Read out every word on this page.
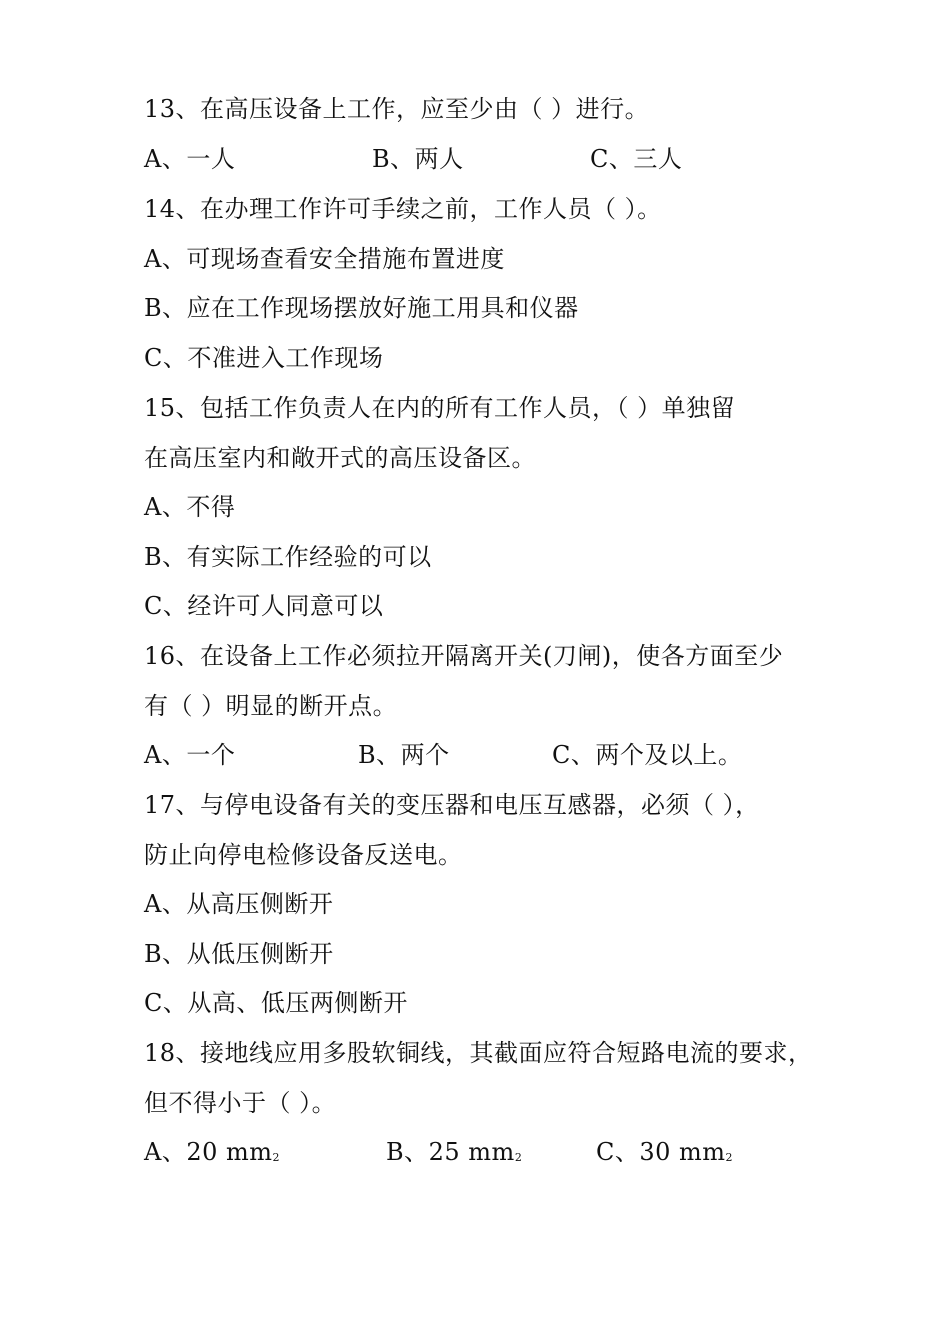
13、在高压设备上工作，应至少由（ ）进行。
A、一人	B、两人	C、三人
14、在办理工作许可手续之前，工作人员（ ）。
A、可现场查看安全措施布置进度
B、应在工作现场摆放好施工用具和仪器
C、不准进入工作现场
15、包括工作负责人在内的所有工作人员，（ ）单独留
在高压室内和敞开式的高压设备区。
A、不得
B、有实际工作经验的可以
C、经许可人同意可以
16、在设备上工作必须拉开隔离开关(刀闸)，使各方面至少
有（ ）明显的断开点。
A、一个	B、两个	C、两个及以上。
17、与停电设备有关的变压器和电压互感器，必须（ ），
防止向停电检修设备反送电。
A、从高压侧断开
B、从低压侧断开
C、从高、低压两侧断开
18、接地线应用多股软铜线，其截面应符合短路电流的要求，
但不得小于（ ）。
A、20 $mm^2$	B、25 $mm^2$	C、30 $mm^2$
